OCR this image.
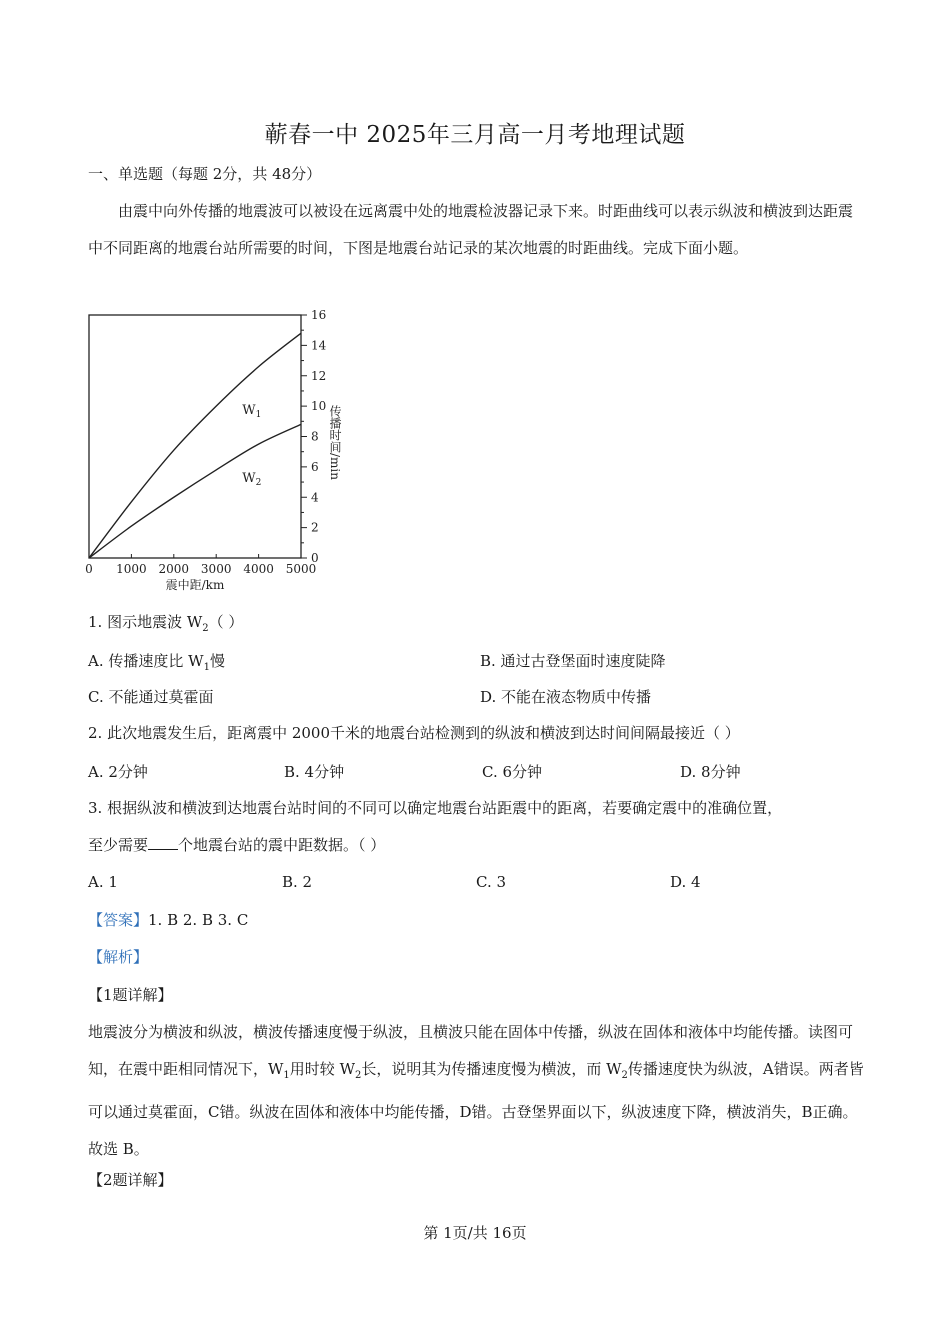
蕲春一中 2025年三月高一月考地理试题
一、单选题（每题 2分，共 48分）
由震中向外传播的地震波可以被设在远离震中处的地震检波器记录下来。时距曲线可以表示纵波和横波到达距震中不同距离的地震台站所需要的时间，下图是地震台站记录的某次地震的时距曲线。完成下面小题。
0
2
4
6
8
10
12
14
16
0 1000 2000 3000 4000 5000
震中距/km
传播时间/min
$W_1$
$W_2$
1. 图示地震波 $W_2$（ ）
A. 传播速度比 $W_1$慢	B. 通过古登堡面时速度陡降
C. 不能通过莫霍面	D. 不能在液态物质中传播
2. 此次地震发生后，距离震中 2000千米的地震台站检测到的纵波和横波到达时间间隔最接近（ ）
A. 2分钟	B. 4分钟	C. 6分钟	D. 8分钟
3. 根据纵波和横波到达地震台站时间的不同可以确定地震台站距震中的距离，若要确定震中的准确位置，
至少需要 个地震台站的震中距数据。（ ）
A. 1	B. 2	C. 3	D. 4
【答案】1. B 2. B 3. C
【解析】
【1题详解】
地震波分为横波和纵波，横波传播速度慢于纵波，且横波只能在固体中传播，纵波在固体和液体中均能传播。读图可知，在震中距相同情况下，$W_1$用时较 $W_2$长，说明其为传播速度慢为横波，而 $W_2$传播速度快为纵波，A错误。两者皆可以通过莫霍面，C错。纵波在固体和液体中均能传播，D错。古登堡界面以下，纵波速度下降，横波消失，B正确。故选 B。
【2题详解】
第 1页/共 16页
